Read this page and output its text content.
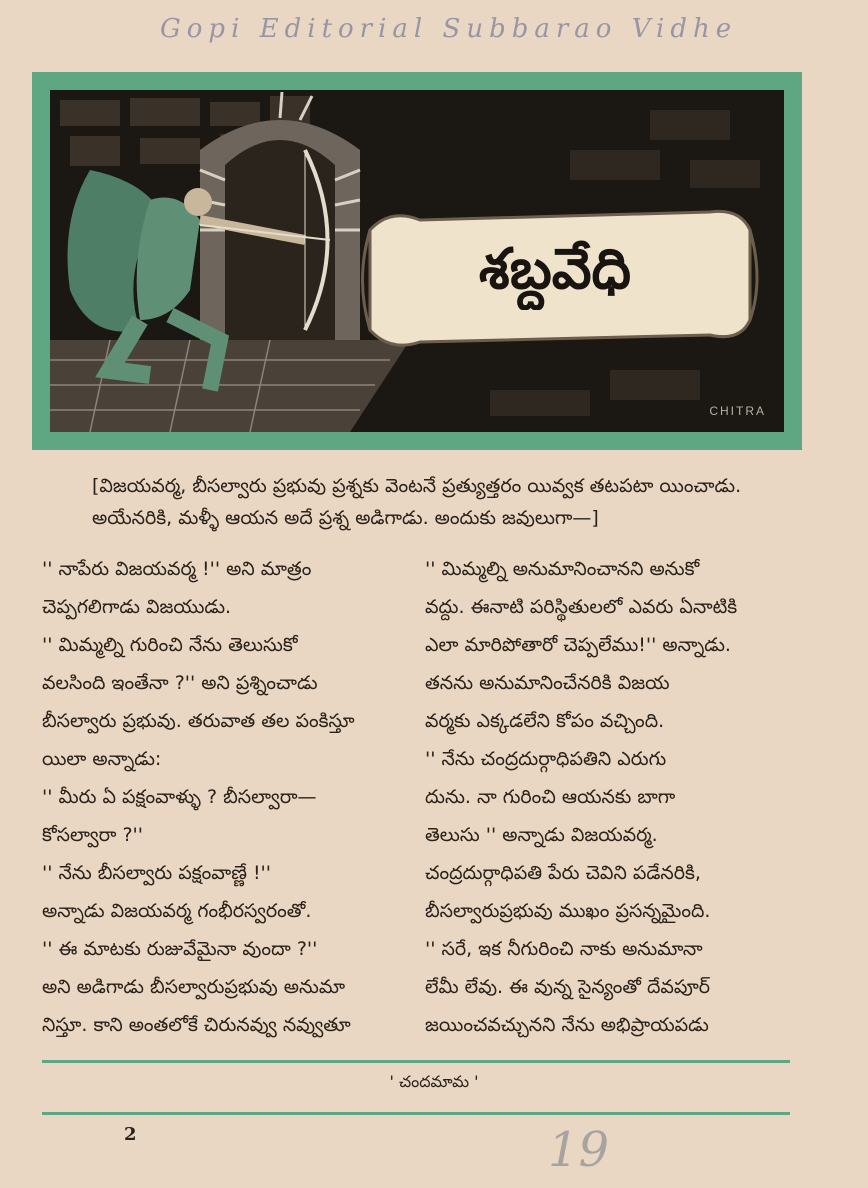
Gopi Editorial Subbarao Vidhe
శబ్దవేధి
CHITRA
[విజయవర్మ, బీసల్వారు ప్రభువు ప్రశ్నకు వెంటనే ప్రత్యుత్తరం యివ్వక తటపటా యించాడు. అయేనరికి, మళ్ళీ ఆయన అదే ప్రశ్న అడిగాడు. అందుకు జవులుగా—]

'' నాపేరు విజయవర్మ !'' అని మాత్రం

చెప్పగలిగాడు విజయుడు.

'' మిమ్మల్ని గురించి నేను తెలుసుకో

వలసింది ఇంతేనా ?'' అని ప్రశ్నించాడు

బీసల్వారు ప్రభువు. తరువాత తల పంకిస్తూ

యిలా అన్నాడు:

'' మీరు ఏ పక్షంవాళ్ళు ? బీసల్వారా—

కోసల్వారా ?''

'' నేను బీసల్వారు పక్షంవాణ్ణే !''

అన్నాడు విజయవర్మ గంభీరస్వరంతో.

'' ఈ మాటకు రుజువేమైనా వుందా ?''

అని అడిగాడు బీసల్వారుప్రభువు అనుమా

నిస్తూ. కాని అంతలోకే చిరునవ్వు నవ్వుతూ

'' మిమ్మల్ని అనుమానించానని అనుకో

వద్దు. ఈనాటి పరిస్థితులలో ఎవరు ఏనాటికి

ఎలా మారిపోతారో చెప్పలేము!'' అన్నాడు.

తనను అనుమానించేనరికి విజయ

వర్మకు ఎక్కడలేని కోపం వచ్చింది.

'' నేను చంద్రదుర్గాధిపతిని ఎరుగు

దును. నా గురించి ఆయనకు బాగా

తెలుసు '' అన్నాడు విజయవర్మ.

చంద్రదుర్గాధిపతి పేరు చెవిని పడేనరికి,

బీసల్వారుప్రభువు ముఖం ప్రసన్నమైంది.

'' సరే, ఇక నీగురించి నాకు అనుమానా

లేమీ లేవు. ఈ వున్న సైన్యంతో దేవపూర్

జయించవచ్చునని నేను అభిప్రాయపడు

' చందమామ '
2	19
